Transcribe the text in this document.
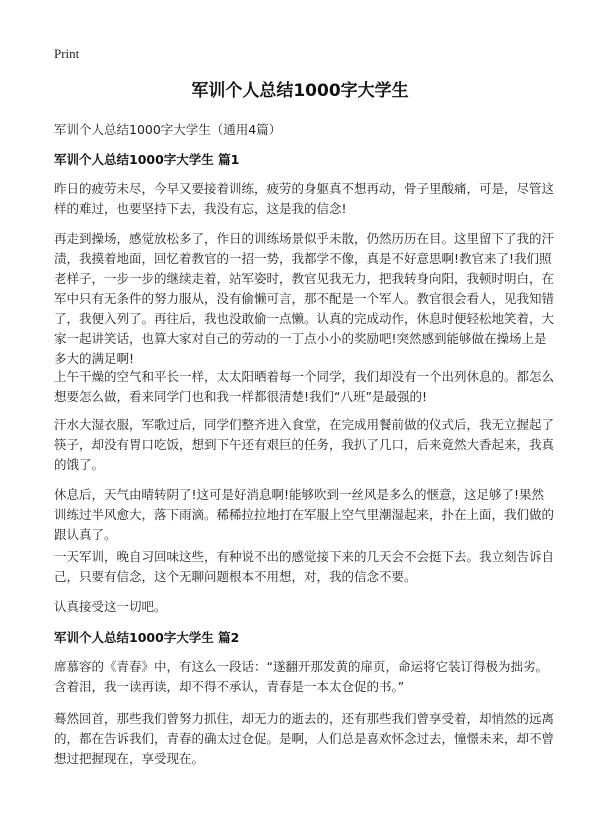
Print
军训个人总结1000字大学生
军训个人总结1000字大学生（通用4篇）
军训个人总结1000字大学生 篇1

昨日的疲劳未尽，今早又要接着训练，疲劳的身躯真不想再动，骨子里酸痛，可是，尽管这样的难过，也要坚持下去，我没有忘，这是我的信念!

再走到操场，感觉放松多了，作日的训练场景似乎未散，仍然历历在目。这里留下了我的汗渍，我摸着地面，回忆着教官的一招一势，我都学不像，真是不好意思啊!教官来了!我们照老样子，一步一步的继续走着，站军姿时，教官见我无力，把我转身向阳，我顿时明白，在军中只有无条件的努力服从，没有偷懒可言，那不配是一个军人。教官很会看人，见我知错了，我便入列了。再往后，我也没敢偷一点懒。认真的完成动作，休息时便轻松地笑着，大家一起讲笑话，也算大家对自己的劳动的一丁点小小的奖励吧!突然感到能够做在操场上是多大的满足啊!

上午干燥的空气和平长一样，太太阳晒着每一个同学，我们却没有一个出列休息的。都怎么想要怎么做，看来同学门也和我一样都很清楚!我们“八班”是最强的!

汗水大湿衣服，军歌过后，同学们整齐进入食堂，在完成用餐前做的仪式后，我无立握起了筷子，却没有胃口吃饭，想到下午还有艰巨的任务，我扒了几口，后来竟然大香起来，我真的饿了。

休息后，天气由晴转阴了!这可是好消息啊!能够吹到一丝风是多么的惬意，这足够了!果然训练过半风愈大，落下雨滴。稀稀拉拉地打在军服上空气里潮湿起来，扑在上面，我们做的跟认真了。

一天军训，晚自习回味这些，有种说不出的感觉接下来的几天会不会挺下去。我立刻告诉自己，只要有信念，这个无聊问题根本不用想，对，我的信念不要。

认真接受这一切吧。

军训个人总结1000字大学生 篇2

席慕容的《青春》中，有这么一段话：“遂翻开那发黄的扉页，命运将它装订得极为拙劣。含着泪，我一读再读，却不得不承认，青春是一本太仓促的书。”

蓦然回首，那些我们曾努力抓住，却无力的逝去的，还有那些我们曾享受着，却悄然的远离的，都在告诉我们，青春的确太过仓促。是啊，人们总是喜欢怀念过去，憧憬未来，却不曾想过把握现在，享受现在。
